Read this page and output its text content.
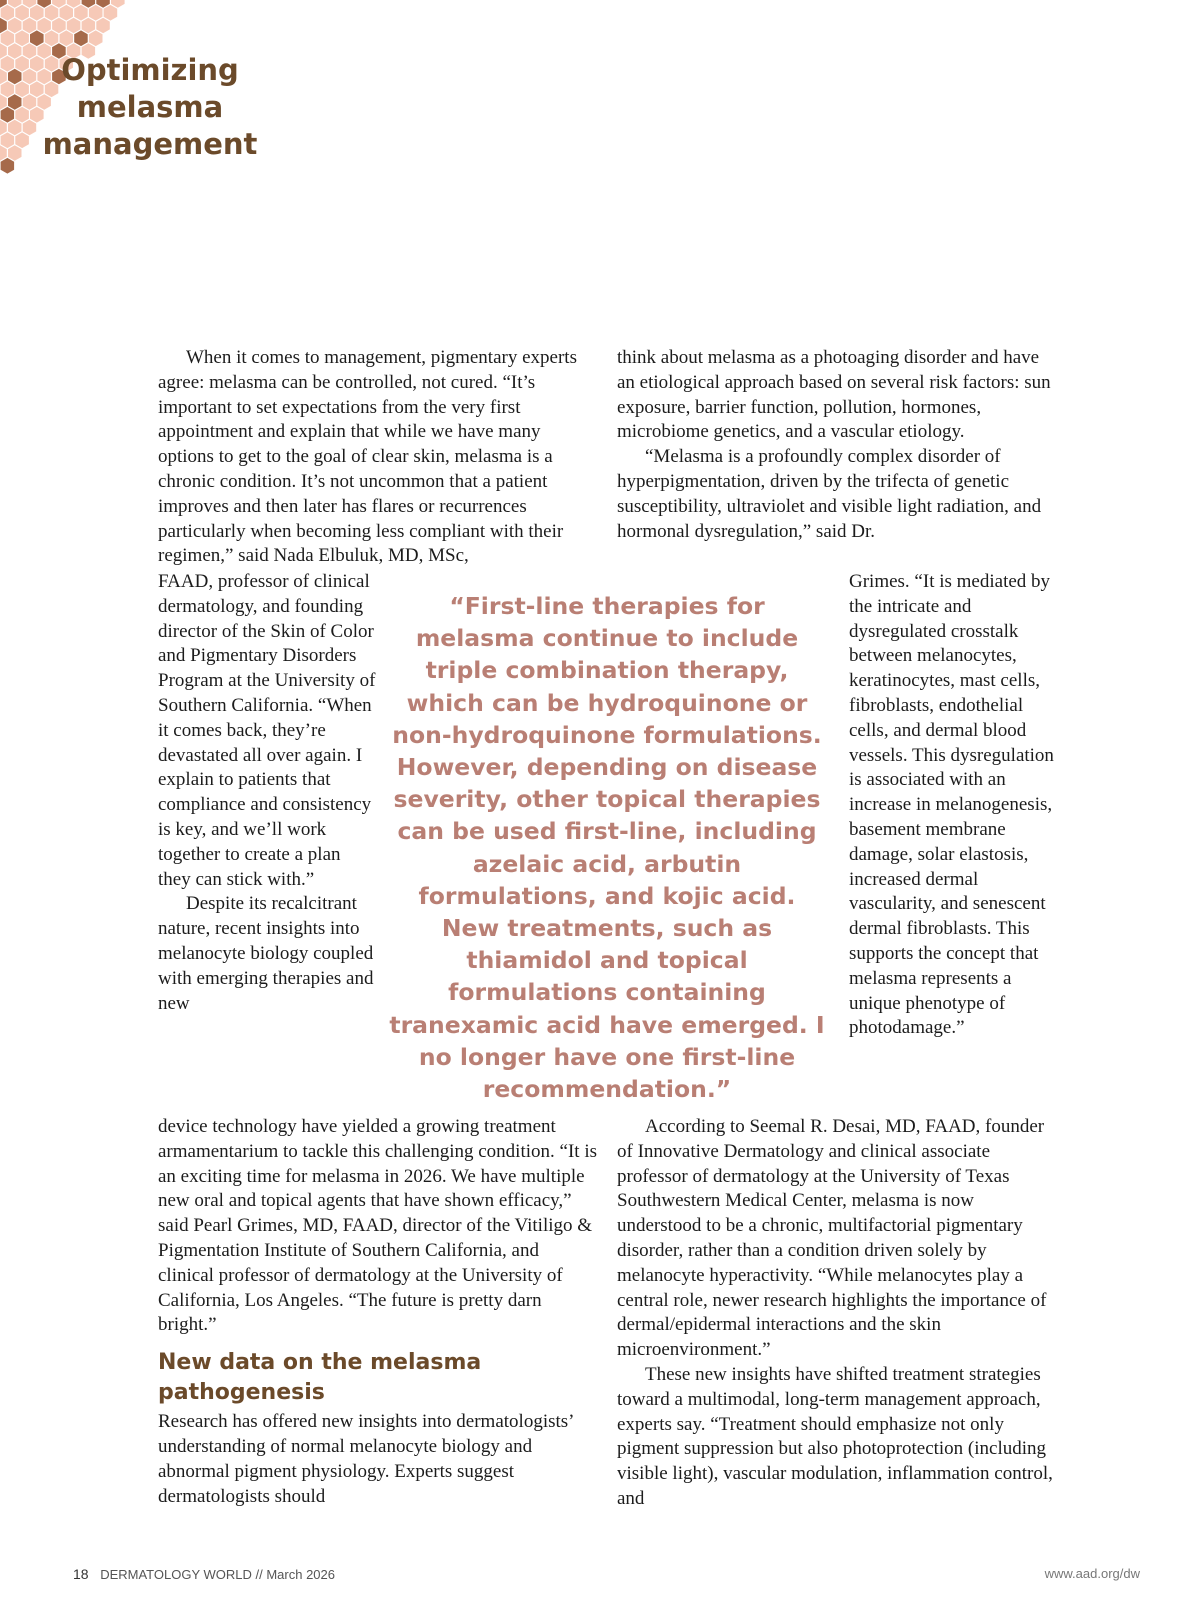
Optimizing
melasma
management

When it comes to management, pigmentary experts agree: melasma can be controlled, not cured. “It’s important to set expectations from the very first appointment and explain that while we have many options to get to the goal of clear skin, melasma is a chronic condition. It’s not uncommon that a patient improves and then later has flares or recurrences particularly when becoming less compliant with their regimen,” said Nada Elbuluk, MD, MSc,

FAAD, professor of clinical dermatology, and founding director of the Skin of Color and Pigmentary Disorders Program at the University of Southern California. “When it comes back, they’re devastated all over again. I explain to patients that compliance and consistency is key, and we’ll work together to create a plan they can stick with.”

Despite its recalcitrant nature, recent insights into melanocyte biology coupled with emerging therapies and new

“First-line therapies for melasma continue to include triple combination therapy, which can be hydroquinone or non-hydroquinone formulations. However, depending on disease severity, other topical therapies can be used first-line, including azelaic acid, arbutin formulations, and kojic acid. New treatments, such as thiamidol and topical formulations containing tranexamic acid have emerged. I no longer have one first-line recommendation.”

device technology have yielded a growing treatment armamentarium to tackle this challenging condition. “It is an exciting time for melasma in 2026. We have multiple new oral and topical agents that have shown efficacy,” said Pearl Grimes, MD, FAAD, director of the Vitiligo & Pigmentation Institute of Southern California, and clinical professor of dermatology at the University of California, Los Angeles. “The future is pretty darn bright.”

New data on the melasma pathogenesis

Research has offered new insights into dermatologists’ understanding of normal melanocyte biology and abnormal pigment physiology. Experts suggest dermatologists should

think about melasma as a photoaging disorder and have an etiological approach based on several risk factors: sun exposure, barrier function, pollution, hormones, microbiome genetics, and a vascular etiology.

“Melasma is a profoundly complex disorder of hyperpigmentation, driven by the trifecta of genetic susceptibility, ultraviolet and visible light radiation, and hormonal dysregulation,” said Dr.

Grimes. “It is mediated by the intricate and dysregulated crosstalk between melanocytes, keratinocytes, mast cells, fibroblasts, endothelial cells, and dermal blood vessels. This dysregulation is associated with an increase in melanogenesis, basement membrane damage, solar elastosis, increased dermal vascularity, and senescent dermal fibroblasts. This supports the concept that melasma represents a unique phenotype of photodamage.”

According to Seemal R. Desai, MD, FAAD, founder of Innovative Dermatology and clinical associate professor of dermatology at the University of Texas Southwestern Medical Center, melasma is now understood to be a chronic, multifactorial pigmentary disorder, rather than a condition driven solely by melanocyte hyperactivity. “While melanocytes play a central role, newer research highlights the importance of dermal/epidermal interactions and the skin microenvironment.”

These new insights have shifted treatment strategies toward a multimodal, long-term management approach, experts say. “Treatment should emphasize not only pigment suppression but also photoprotection (including visible light), vascular modulation, inflammation control, and

18 DERMATOLOGY WORLD // March 2026	www.aad.org/dw
